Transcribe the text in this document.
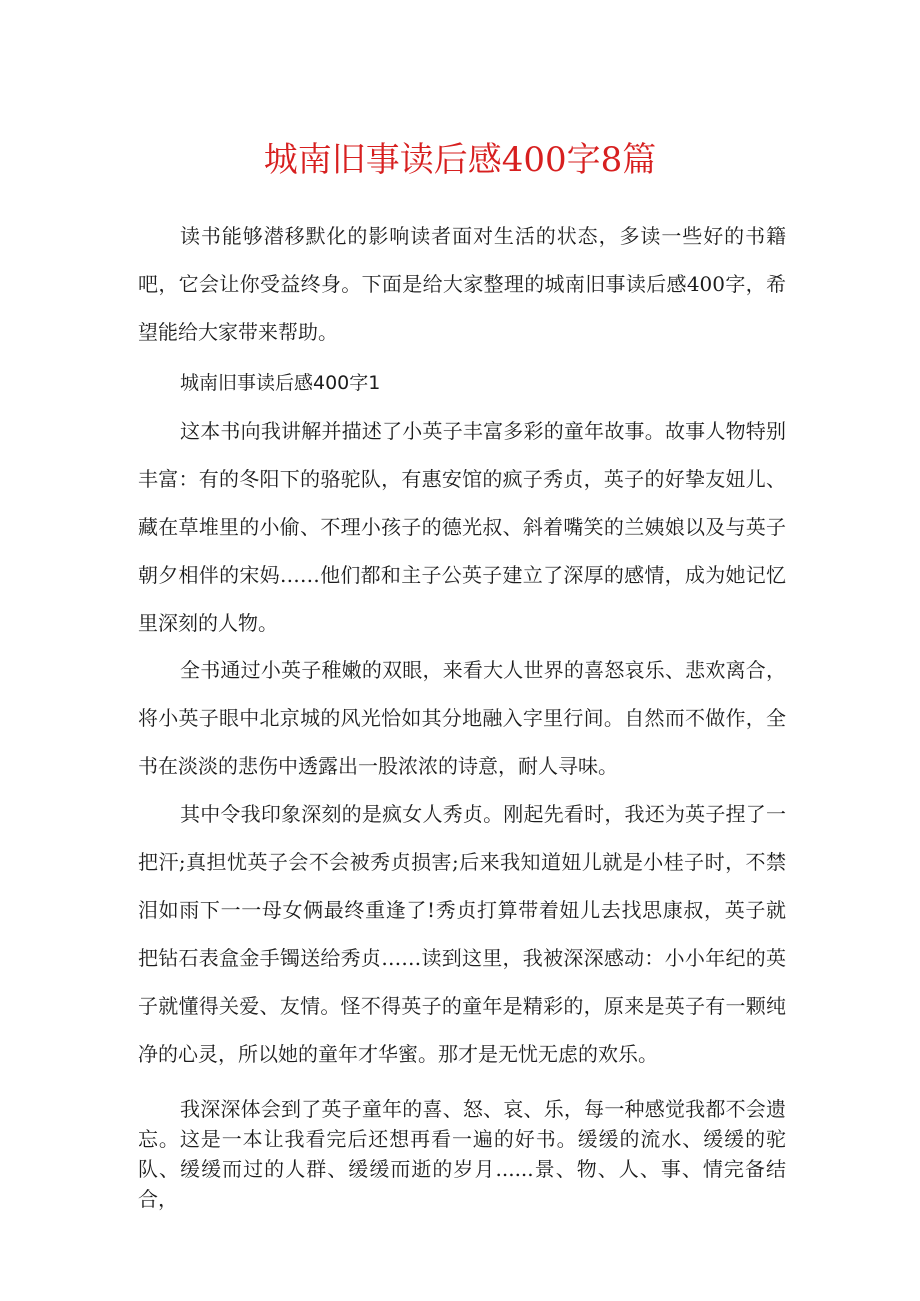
城南旧事读后感400字8篇

读书能够潜移默化的影响读者面对生活的状态，多读一些好的书籍吧，它会让你受益终身。下面是给大家整理的城南旧事读后感400字，希望能给大家带来帮助。

城南旧事读后感400字1

这本书向我讲解并描述了小英子丰富多彩的童年故事。故事人物特别丰富：有的冬阳下的骆驼队，有惠安馆的疯子秀贞，英子的好挚友妞儿、藏在草堆里的小偷、不理小孩子的德光叔、斜着嘴笑的兰姨娘以及与英子朝夕相伴的宋妈……他们都和主子公英子建立了深厚的感情，成为她记忆里深刻的人物。

全书通过小英子稚嫩的双眼，来看大人世界的喜怒哀乐、悲欢离合，将小英子眼中北京城的风光恰如其分地融入字里行间。自然而不做作，全书在淡淡的悲伤中透露出一股浓浓的诗意，耐人寻味。

其中令我印象深刻的是疯女人秀贞。刚起先看时，我还为英子捏了一把汗;真担忧英子会不会被秀贞损害;后来我知道妞儿就是小桂子时，不禁泪如雨下一一母女俩最终重逢了!秀贞打算带着妞儿去找思康叔，英子就把钻石表盒金手镯送给秀贞……读到这里，我被深深感动：小小年纪的英子就懂得关爱、友情。怪不得英子的童年是精彩的，原来是英子有一颗纯净的心灵，所以她的童年才华蜜。那才是无忧无虑的欢乐。

我深深体会到了英子童年的喜、怒、哀、乐，每一种感觉我都不会遗忘。这是一本让我看完后还想再看一遍的好书。缓缓的流水、缓缓的驼队、缓缓而过的人群、缓缓而逝的岁月......景、物、人、事、情完备结合，
